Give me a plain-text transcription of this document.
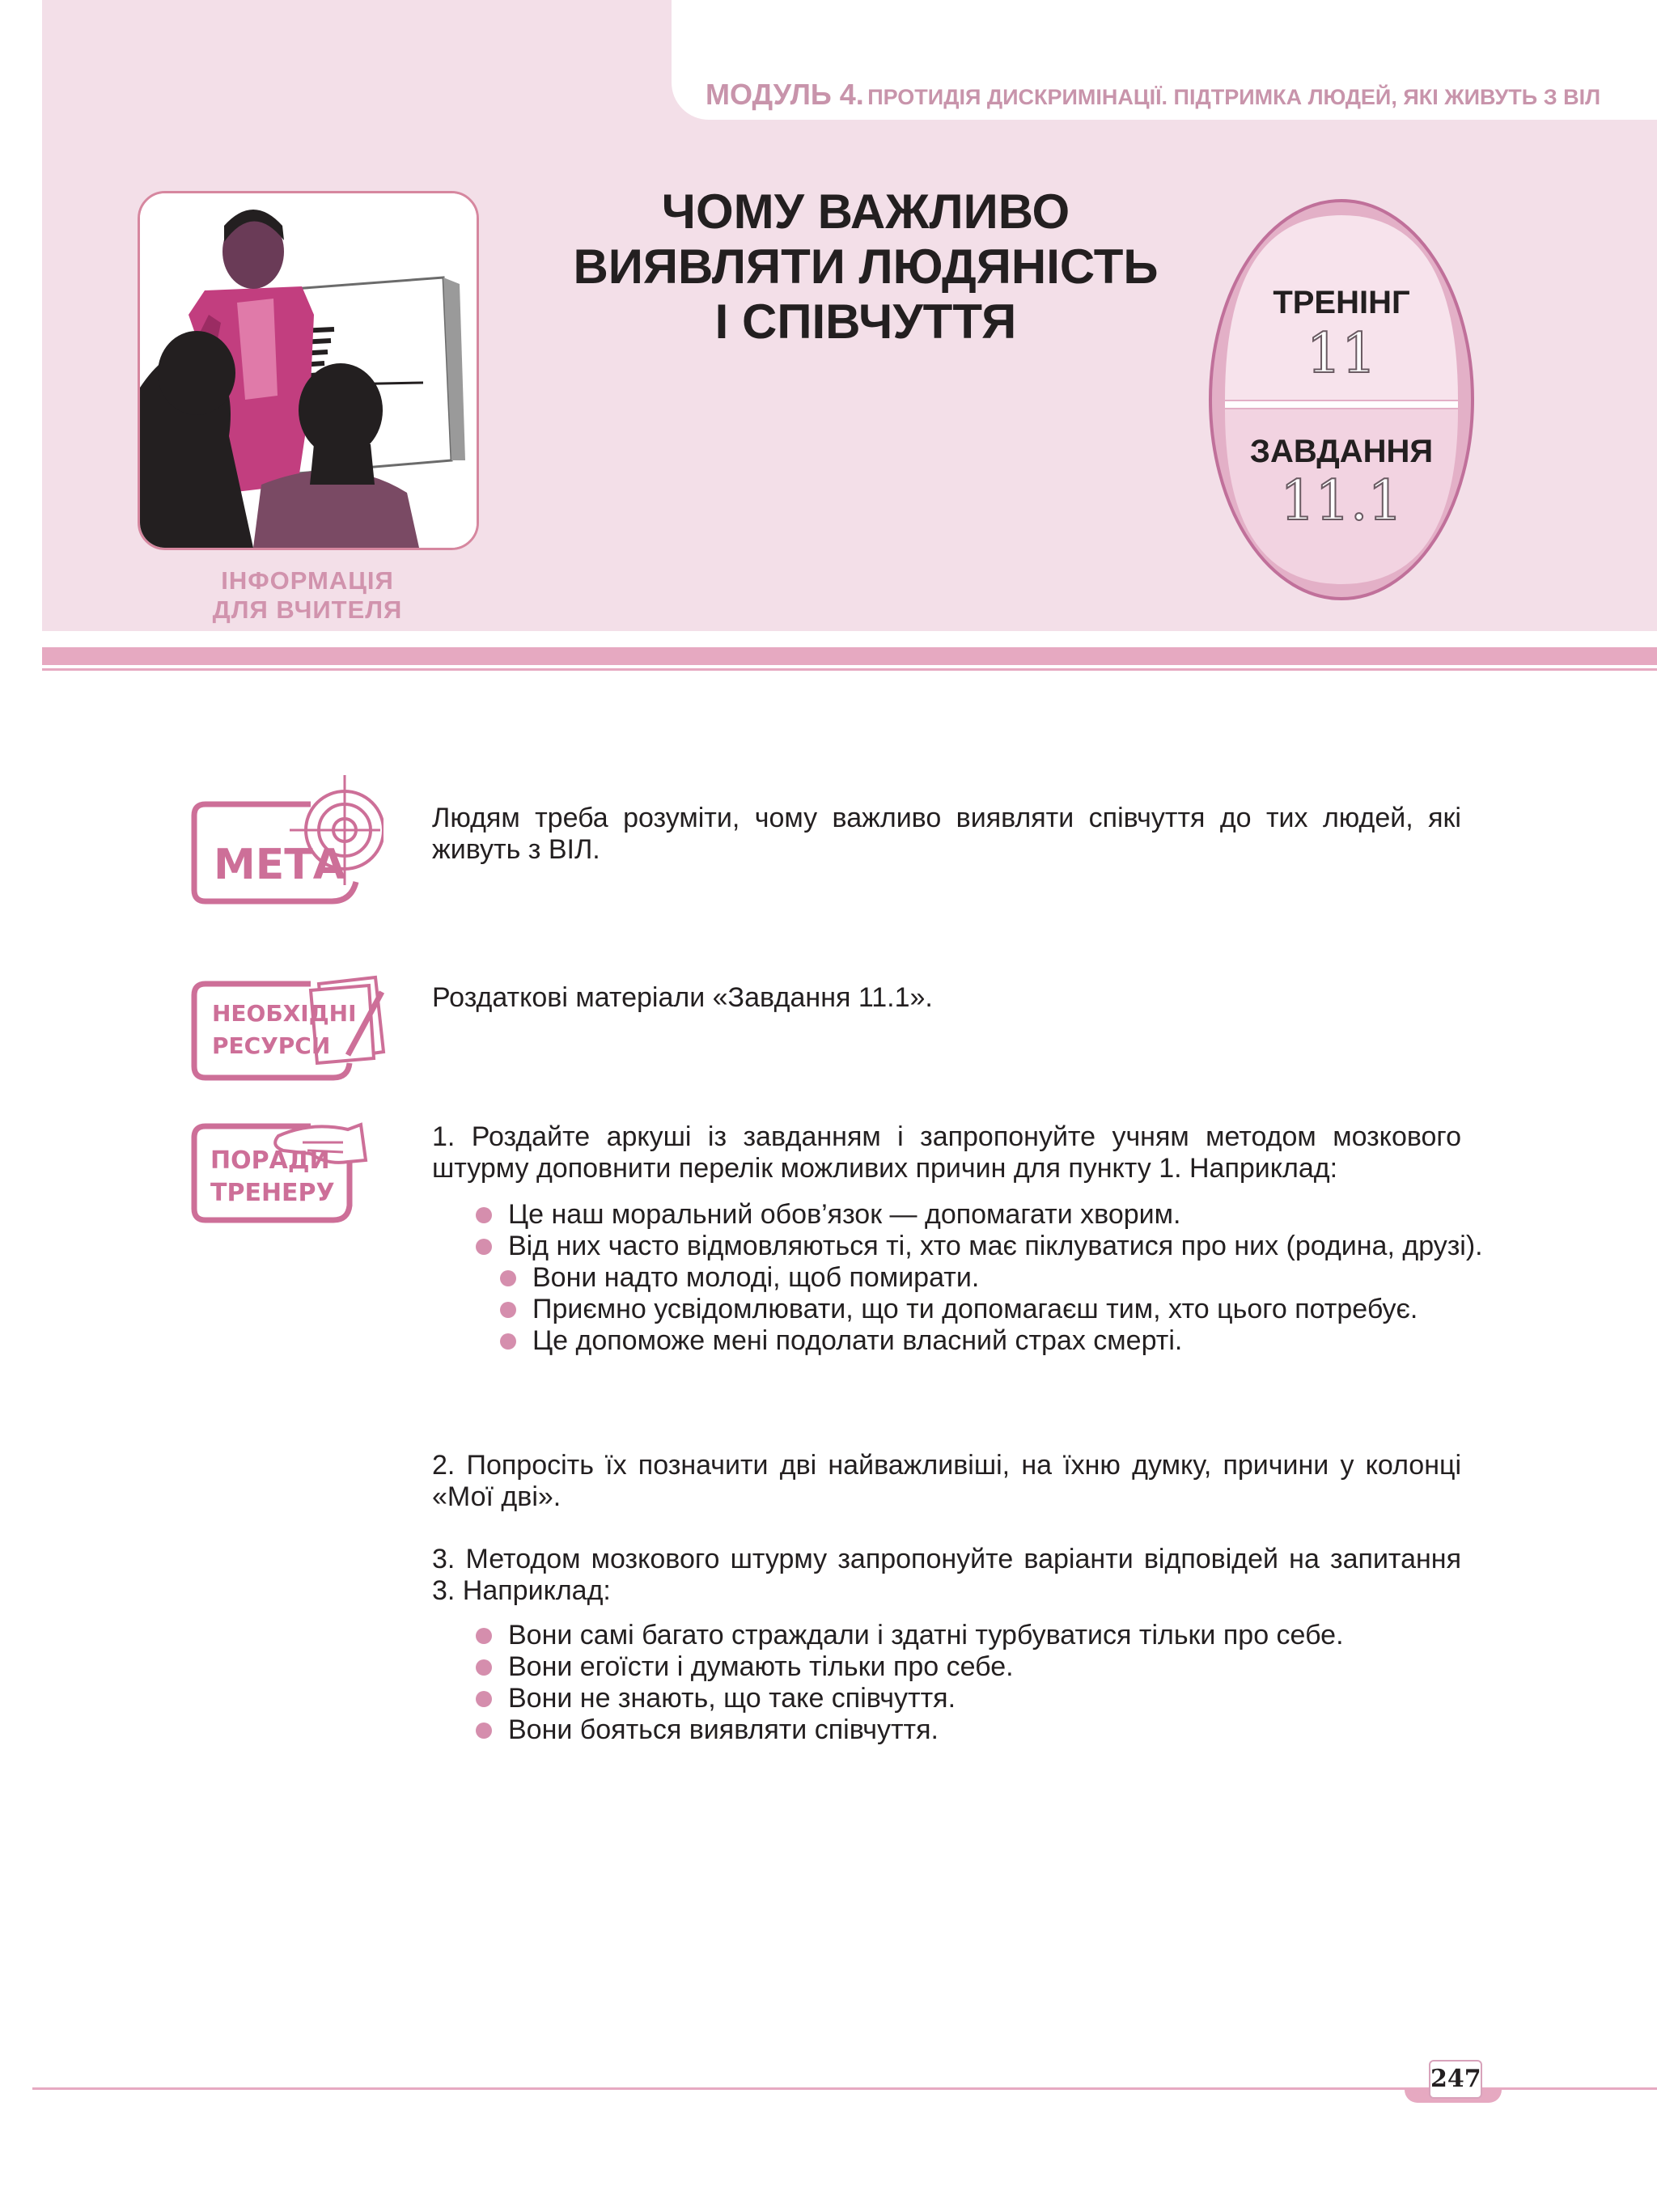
МОДУЛЬ 4. ПРОТИДІЯ ДИСКРИМІНАЦІЇ. ПІДТРИМКА ЛЮДЕЙ, ЯКІ ЖИВУТЬ З ВІЛ
ІНФОРМАЦІЯ
ДЛЯ ВЧИТЕЛЯ
ЧОМУ ВАЖЛИВО
ВИЯВЛЯТИ ЛЮДЯНІСТЬ
І СПІВЧУТТЯ	ТРЕНІНГ
11
ЗАВДАННЯ
11.1
МЕТА
НЕОБХІДНІ
РЕСУРСИ
ПОРАДИ
ТРЕНЕРУ
Людям треба розуміти, чому важливо виявляти співчуття до тих людей, які живуть з ВІЛ.
Роздаткові матеріали «Завдання 11.1».
1. Роздайте аркуші із завданням і запропонуйте учням методом мозкового штурму доповнити перелік можливих причин для пункту 1. Наприклад:
Це наш моральний обов’язок — допомагати хворим.
Від них часто відмовляються ті, хто має піклуватися про них (родина, друзі).
Вони надто молоді, щоб помирати.
Приємно усвідомлювати, що ти допомагаєш тим, хто цього потребує.
Це допоможе мені подолати власний страх смерті.
2. Попросіть їх позначити дві найважливіші, на їхню думку, причини у колонці «Мої дві».
3. Методом мозкового штурму запропонуйте варіанти відповідей на запитання 3. Наприклад:
Вони самі багато страждали і здатні турбуватися тільки про себе.
Вони егоїсти і думають тільки про себе.
Вони не знають, що таке співчуття.
Вони бояться виявляти співчуття.
247
